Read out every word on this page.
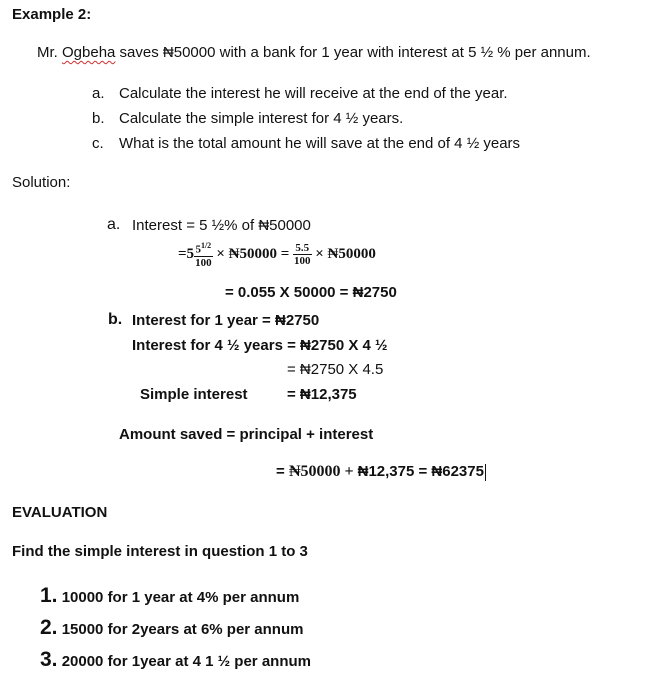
Example 2:
Mr. Ogbeha saves ₦50000 with a bank for 1 year with interest at 5 ½ % per annum.
a. Calculate the interest he will receive at the end of the year.
b. Calculate the simple interest for 4 ½ years.
c. What is the total amount he will save at the end of 4 ½ years
Solution:
a. Interest = 5 ½% of ₦50000
$=5 \frac{5^{1/2}}{100}$ × ₦50000 = $\frac{5.5}{100}$ × ₦50000
= 0.055 X 50000 = ₦2750
b. Interest for 1 year = ₦2750
Interest for 4 ½ years = ₦2750 X 4 ½
= ₦2750 X 4.5
Simple interest	= ₦12,375
Amount saved = principal + interest
= ₦50000 + ₦12,375 = ₦62375
EVALUATION
Find the simple interest in question 1 to 3
1. 10000 for 1 year at 4% per annum
2. 15000 for 2years at 6% per annum
3. 20000 for 1year at 4 1 ½ per annum
